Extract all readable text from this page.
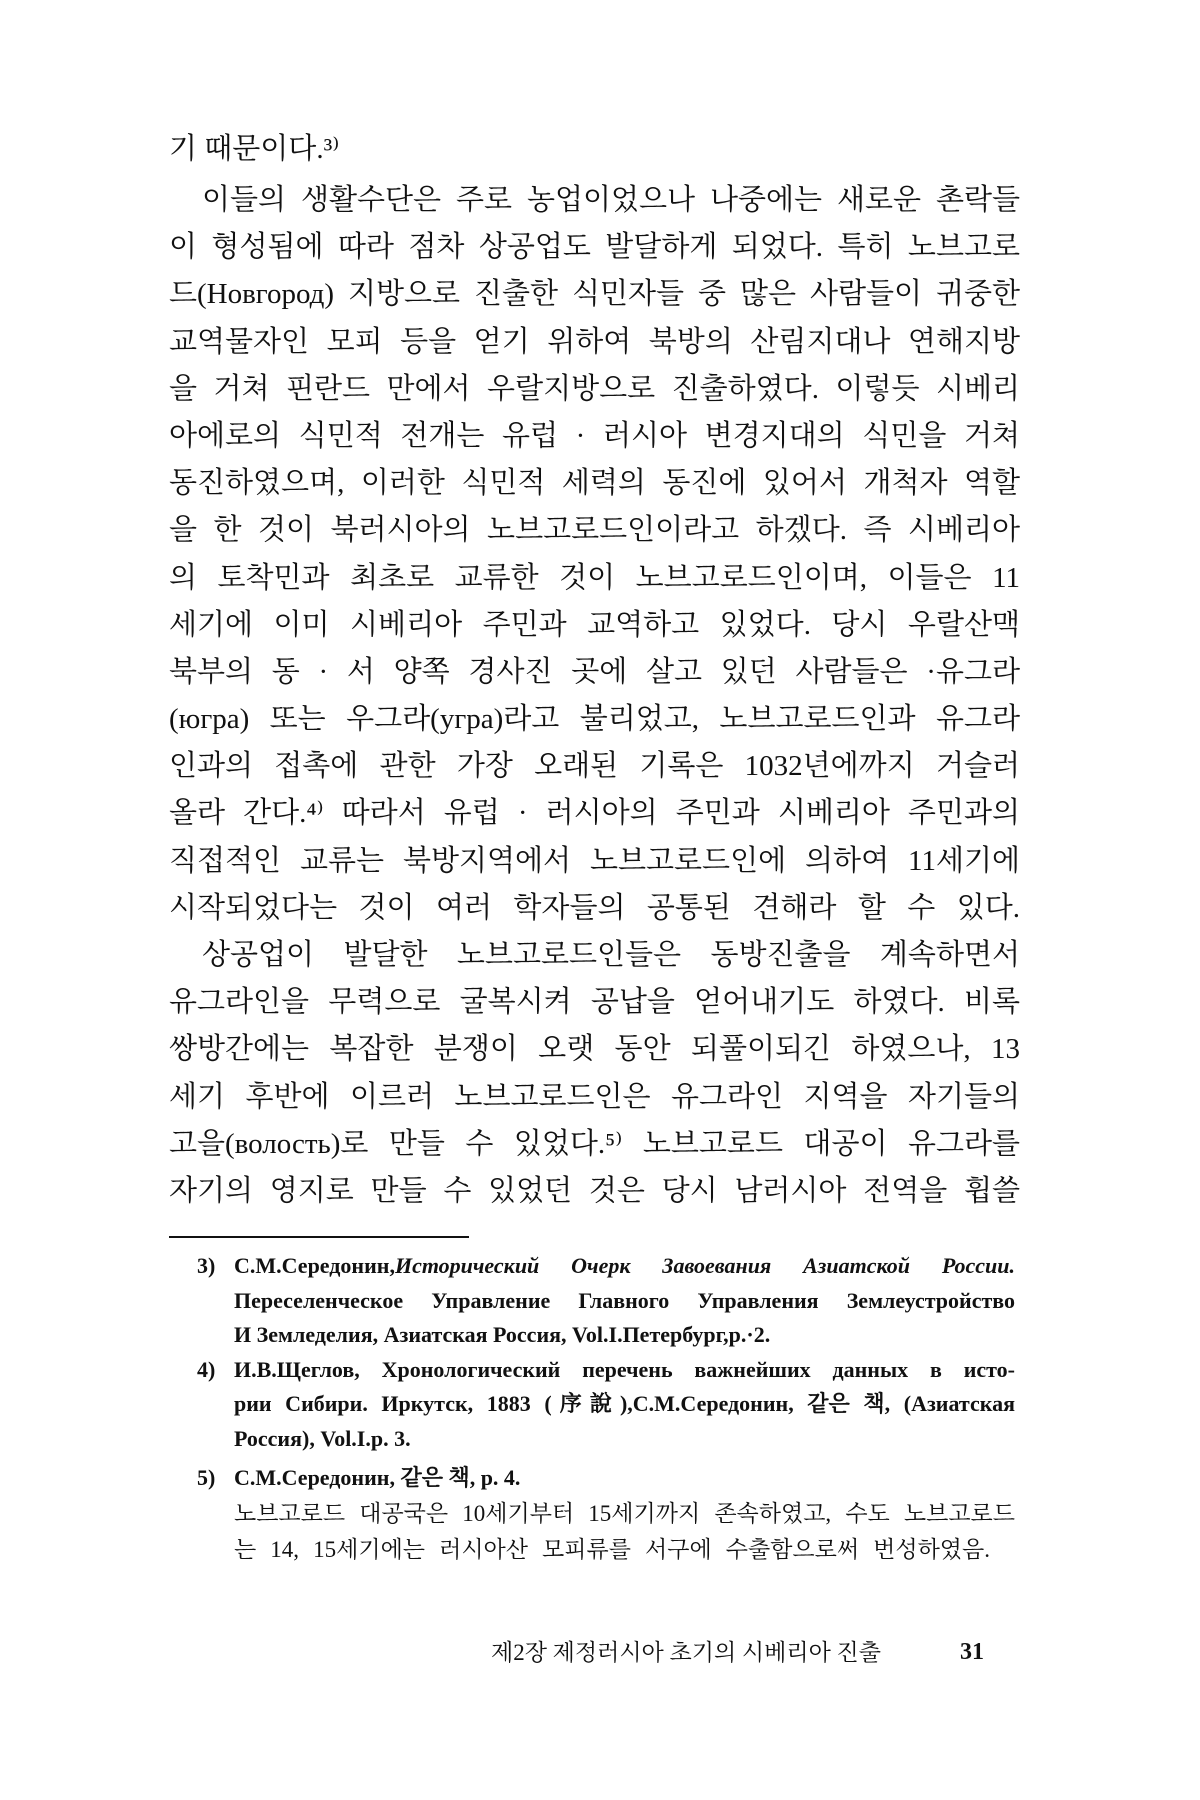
기 때문이다.³⁾
이들의 생활수단은 주로 농업이었으나 나중에는 새로운 촌락들
이 형성됨에 따라 점차 상공업도 발달하게 되었다. 특히 노브고로
드(Новгород) 지방으로 진출한 식민자들 중 많은 사람들이 귀중한
교역물자인 모피 등을 얻기 위하여 북방의 산림지대나 연해지방
을 거쳐 핀란드 만에서 우랄지방으로 진출하였다. 이렇듯 시베리
아에로의 식민적 전개는 유럽 · 러시아 변경지대의 식민을 거쳐
동진하였으며, 이러한 식민적 세력의 동진에 있어서 개척자 역할
을 한 것이 북러시아의 노브고로드인이라고 하겠다. 즉 시베리아
의 토착민과 최초로 교류한 것이 노브고로드인이며, 이들은 11
세기에 이미 시베리아 주민과 교역하고 있었다. 당시 우랄산맥
북부의 동 · 서 양쪽 경사진 곳에 살고 있던 사람들은 ·유그라
(югра) 또는 우그라(угра)라고 불리었고, 노브고로드인과 유그라
인과의 접촉에 관한 가장 오래된 기록은 1032년에까지 거슬러
올라 간다.⁴⁾ 따라서 유럽 · 러시아의 주민과 시베리아 주민과의
직접적인 교류는 북방지역에서 노브고로드인에 의하여 11세기에
시작되었다는 것이 여러 학자들의 공통된 견해라 할 수 있다.
상공업이 발달한 노브고로드인들은 동방진출을 계속하면서
유그라인을 무력으로 굴복시켜 공납을 얻어내기도 하였다. 비록
쌍방간에는 복잡한 분쟁이 오랫 동안 되풀이되긴 하였으나, 13
세기 후반에 이르러 노브고로드인은 유그라인 지역을 자기들의
고을(волость)로 만들 수 있었다.⁵⁾ 노브고로드 대공이 유그라를
자기의 영지로 만들 수 있었던 것은 당시 남러시아 전역을 휩쓸
3) С.М.Середонин,Исторический Очерк Завоевания Азиатской России.
Переселенческое Управление Главного Управления Землеустройство
И Земледелия, Азиатская Россия, Vol.I.Петербург,p.·2.
4) И.В.Щеглов, Хронологический перечень важнейших данных в исто-
рии Сибири. Иркутск, 1883 (序說),С.М.Середонин, 같은 책, (Азиатская
Россия), Vol.I.p. 3.
5) С.М.Середонин, 같은 책, p. 4.
노브고로드 대공국은 10세기부터 15세기까지 존속하였고, 수도 노브고로드
는 14, 15세기에는 러시아산 모피류를 서구에 수출함으로써 번성하였음.
제2장 제정러시아 초기의 시베리아 진출	31
